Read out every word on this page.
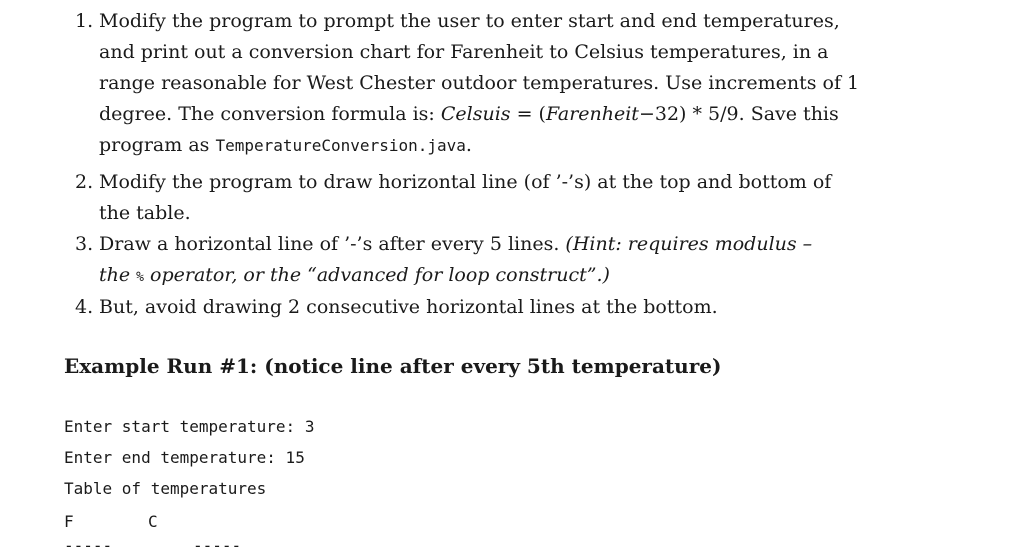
1. Modify the program to prompt the user to enter start and end temperatures,
and print out a conversion chart for Farenheit to Celsius temperatures, in a
range reasonable for West Chester outdoor temperatures. Use increments of 1
degree. The conversion formula is: Celsuis = (Farenheit−32) * 5/9. Save this
program as TemperatureConversion.java.
2. Modify the program to draw horizontal line (of ’-’s) at the top and bottom of
the table.
3. Draw a horizontal line of ’-’s after every 5 lines. (Hint: requires modulus –
the % operator, or the “advanced for loop construct”.)
4. But, avoid drawing 2 consecutive horizontal lines at the bottom.
Example Run #1: (notice line after every 5th temperature)
Enter start temperature: 3
Enter end temperature: 15
Table of temperatures
F	C
-----	-----
